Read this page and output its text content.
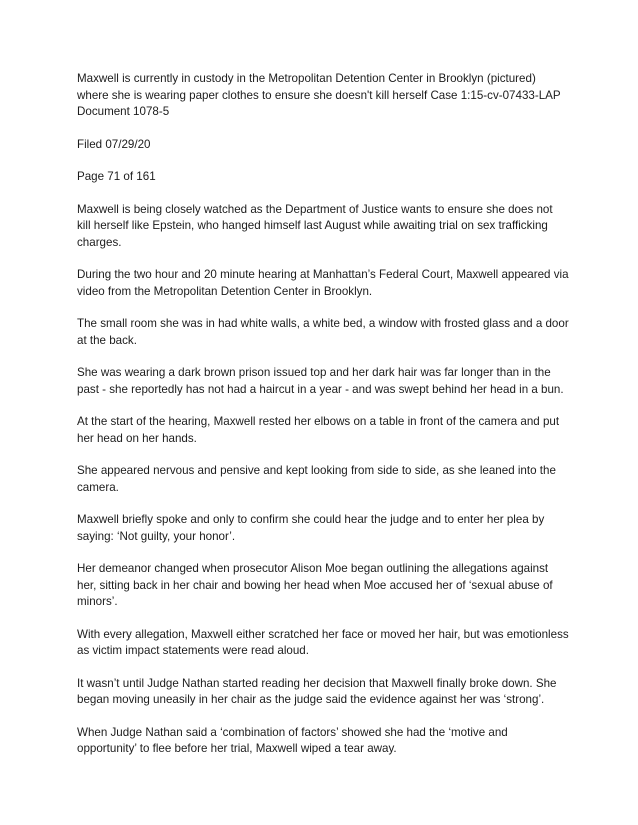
Maxwell is currently in custody in the Metropolitan Detention Center in Brooklyn (pictured) where she is wearing paper clothes to ensure she doesn't kill herself Case 1:15-cv-07433-LAP Document 1078-5

Filed 07/29/20

Page 71 of 161

Maxwell is being closely watched as the Department of Justice wants to ensure she does not kill herself like Epstein, who hanged himself last August while awaiting trial on sex trafficking charges.

During the two hour and 20 minute hearing at Manhattan’s Federal Court, Maxwell appeared via video from the Metropolitan Detention Center in Brooklyn.

The small room she was in had white walls, a white bed, a window with frosted glass and a door at the back.

She was wearing a dark brown prison issued top and her dark hair was far longer than in the past - she reportedly has not had a haircut in a year - and was swept behind her head in a bun.

At the start of the hearing, Maxwell rested her elbows on a table in front of the camera and put her head on her hands.

She appeared nervous and pensive and kept looking from side to side, as she leaned into the camera.

Maxwell briefly spoke and only to confirm she could hear the judge and to enter her plea by saying: ‘Not guilty, your honor’.

Her demeanor changed when prosecutor Alison Moe began outlining the allegations against her, sitting back in her chair and bowing her head when Moe accused her of ‘sexual abuse of minors’.

With every allegation, Maxwell either scratched her face or moved her hair, but was emotionless as victim impact statements were read aloud.

It wasn’t until Judge Nathan started reading her decision that Maxwell finally broke down. She began moving uneasily in her chair as the judge said the evidence against her was ‘strong’.

When Judge Nathan said a ‘combination of factors’ showed she had the ‘motive and opportunity’ to flee before her trial, Maxwell wiped a tear away.
